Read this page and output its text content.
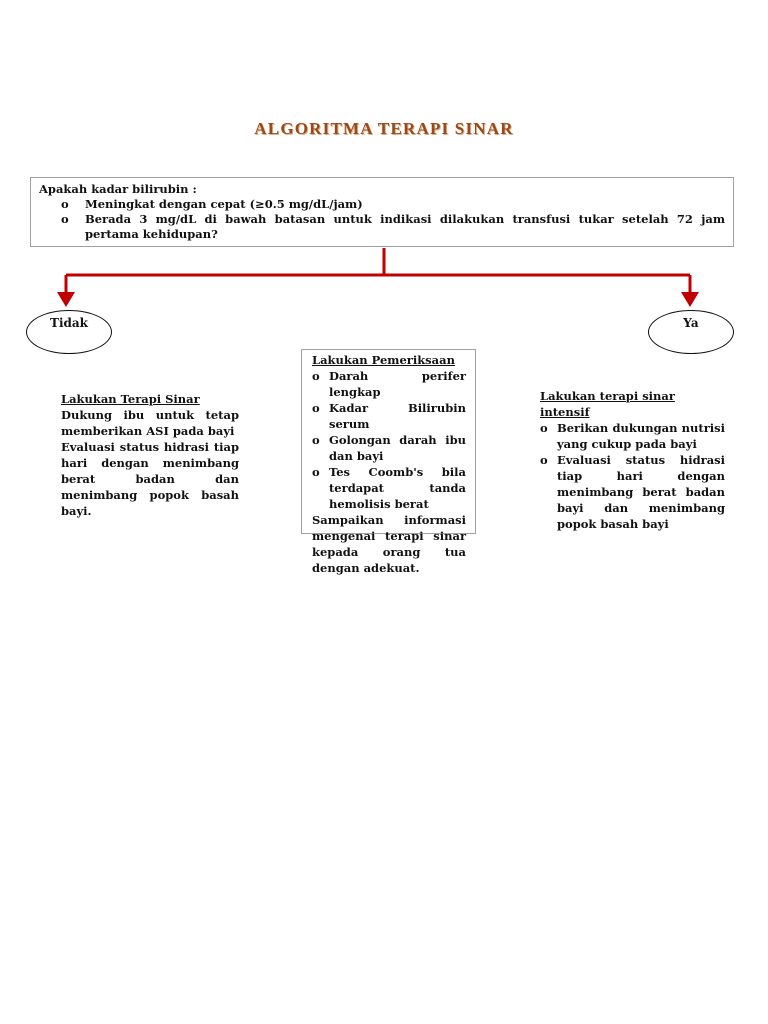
ALGORITMA TERAPI SINAR
Apakah kadar bilirubin :
o Meningkat dengan cepat (≥0.5 mg/dL/jam)
o Berada 3 mg/dL di bawah batasan untuk indikasi dilakukan transfusi tukar setelah 72 jam pertama kehidupan?
Tidak	Ya
Lakukan Terapi Sinar

Dukung ibu untuk tetap memberikan ASI pada bayi

Evaluasi status hidrasi tiap hari dengan menimbang berat badan dan menimbang popok basah bayi.

Lakukan Pemeriksaan
o Darah perifer lengkap
o Kadar Bilirubin serum
o Golongan darah ibu dan bayi
o Tes Coomb's bila terdapat tanda hemolisis berat

Sampaikan informasi mengenai terapi sinar kepada orang tua dengan adekuat.

Lakukan terapi sinar intensif
o Berikan dukungan nutrisi yang cukup pada bayi
o Evaluasi status hidrasi tiap hari dengan menimbang berat badan bayi dan menimbang popok basah bayi
